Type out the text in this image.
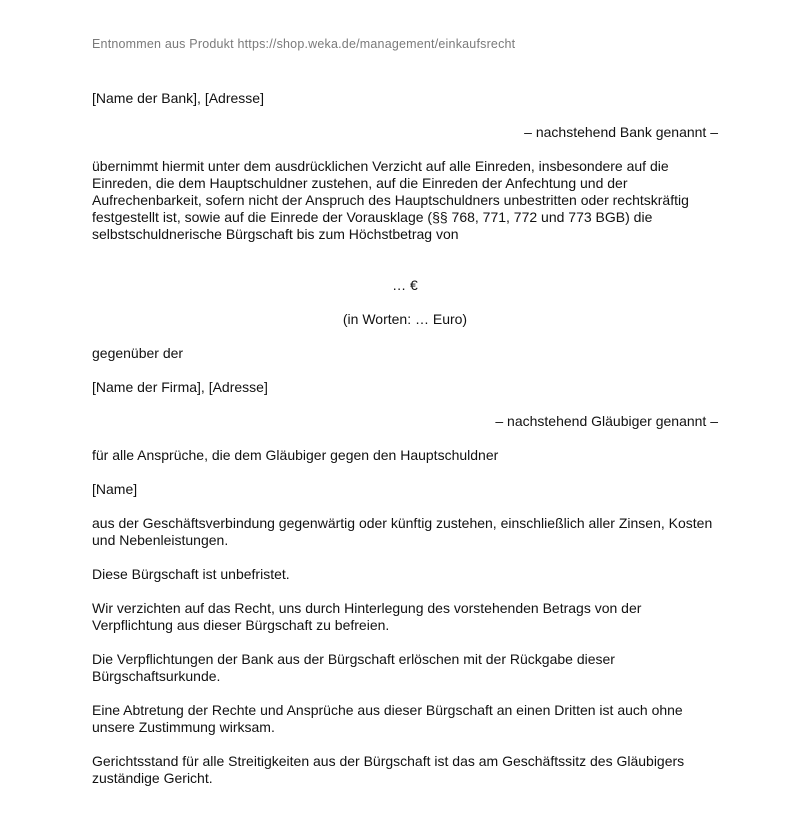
Entnommen aus Produkt https://shop.weka.de/management/einkaufsrecht

[Name der Bank], [Adresse]

– nachstehend Bank genannt –

übernimmt hiermit unter dem ausdrücklichen Verzicht auf alle Einreden, insbesondere auf die Einreden, die dem Hauptschuldner zustehen, auf die Einreden der Anfechtung und der Aufrechenbarkeit, sofern nicht der Anspruch des Hauptschuldners unbestritten oder rechtskräftig festgestellt ist, sowie auf die Einrede der Vorausklage (§§ 768, 771, 772 und 773 BGB) die selbstschuldnerische Bürgschaft bis zum Höchstbetrag von

… €

(in Worten: … Euro)

gegenüber der

[Name der Firma], [Adresse]

– nachstehend Gläubiger genannt –

für alle Ansprüche, die dem Gläubiger gegen den Hauptschuldner

[Name]

aus der Geschäftsverbindung gegenwärtig oder künftig zustehen, einschließlich aller Zinsen, Kosten und Nebenleistungen.

Diese Bürgschaft ist unbefristet.

Wir verzichten auf das Recht, uns durch Hinterlegung des vorstehenden Betrags von der Verpflichtung aus dieser Bürgschaft zu befreien.

Die Verpflichtungen der Bank aus der Bürgschaft erlöschen mit der Rückgabe dieser Bürgschaftsurkunde.

Eine Abtretung der Rechte und Ansprüche aus dieser Bürgschaft an einen Dritten ist auch ohne unsere Zustimmung wirksam.

Gerichtsstand für alle Streitigkeiten aus der Bürgschaft ist das am Geschäftssitz des Gläubigers zuständige Gericht.
